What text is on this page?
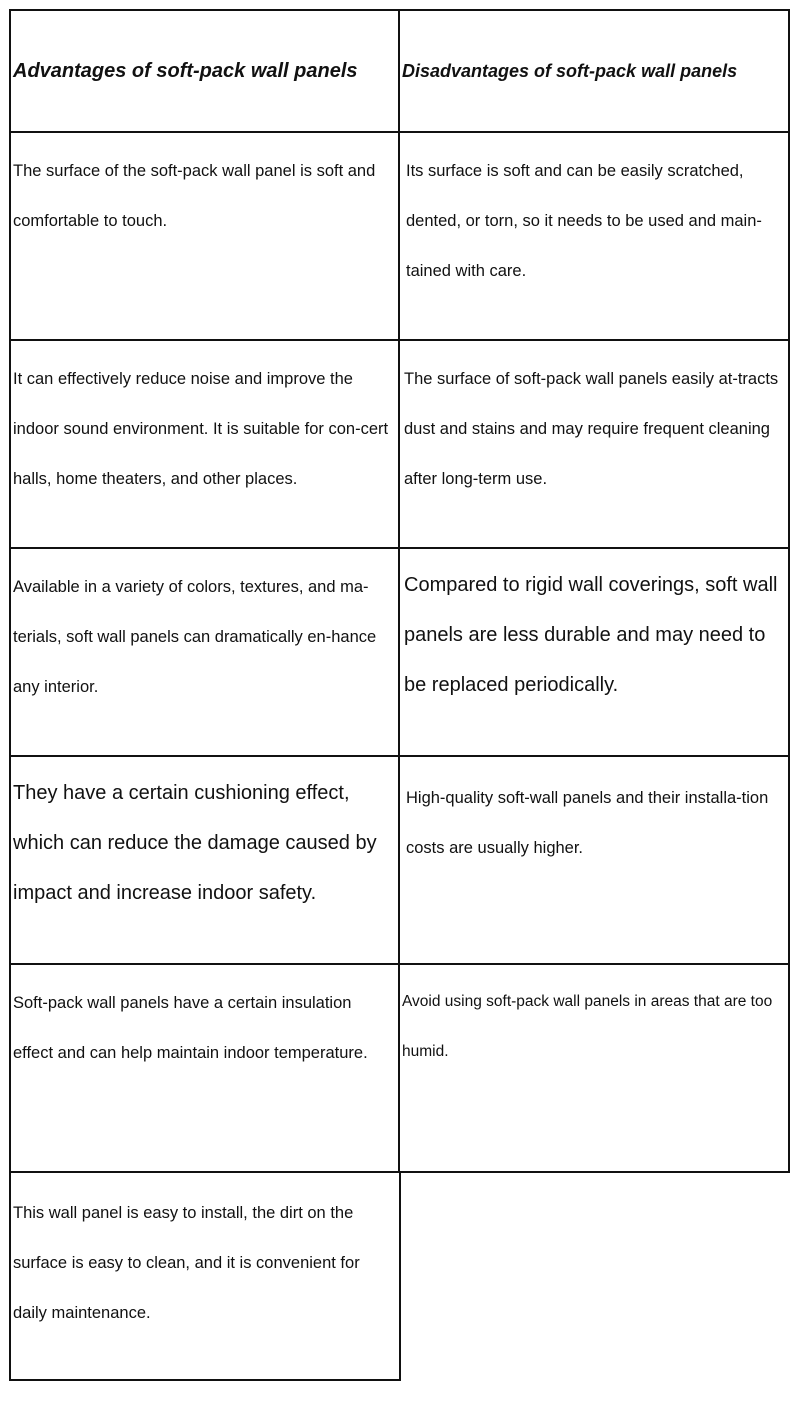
Advantages of soft-pack wall panels Disadvantages of soft-pack wall panels
The surface of the soft-pack wall panel is soft and comfortable to touch.
Its surface is soft and can be easily scratched, dented, or torn, so it needs to be used and main-tained with care.
It can effectively reduce noise and improve the indoor sound environment. It is suitable for con-cert halls, home theaters, and other places.
The surface of soft-pack wall panels easily at-tracts dust and stains and may require frequent cleaning after long-term use.
Available in a variety of colors, textures, and ma-terials, soft wall panels can dramatically en-hance any interior.
Compared to rigid wall coverings, soft wall panels are less durable and may need to be replaced periodically.
They have a certain cushioning effect, which can reduce the damage caused by impact and increase indoor safety.
High-quality soft-wall panels and their installa-tion costs are usually higher.
Soft-pack wall panels have a certain insulation effect and can help maintain indoor temperature.
Avoid using soft-pack wall panels in areas that are too humid.
This wall panel is easy to install, the dirt on the surface is easy to clean, and it is convenient for daily maintenance.
